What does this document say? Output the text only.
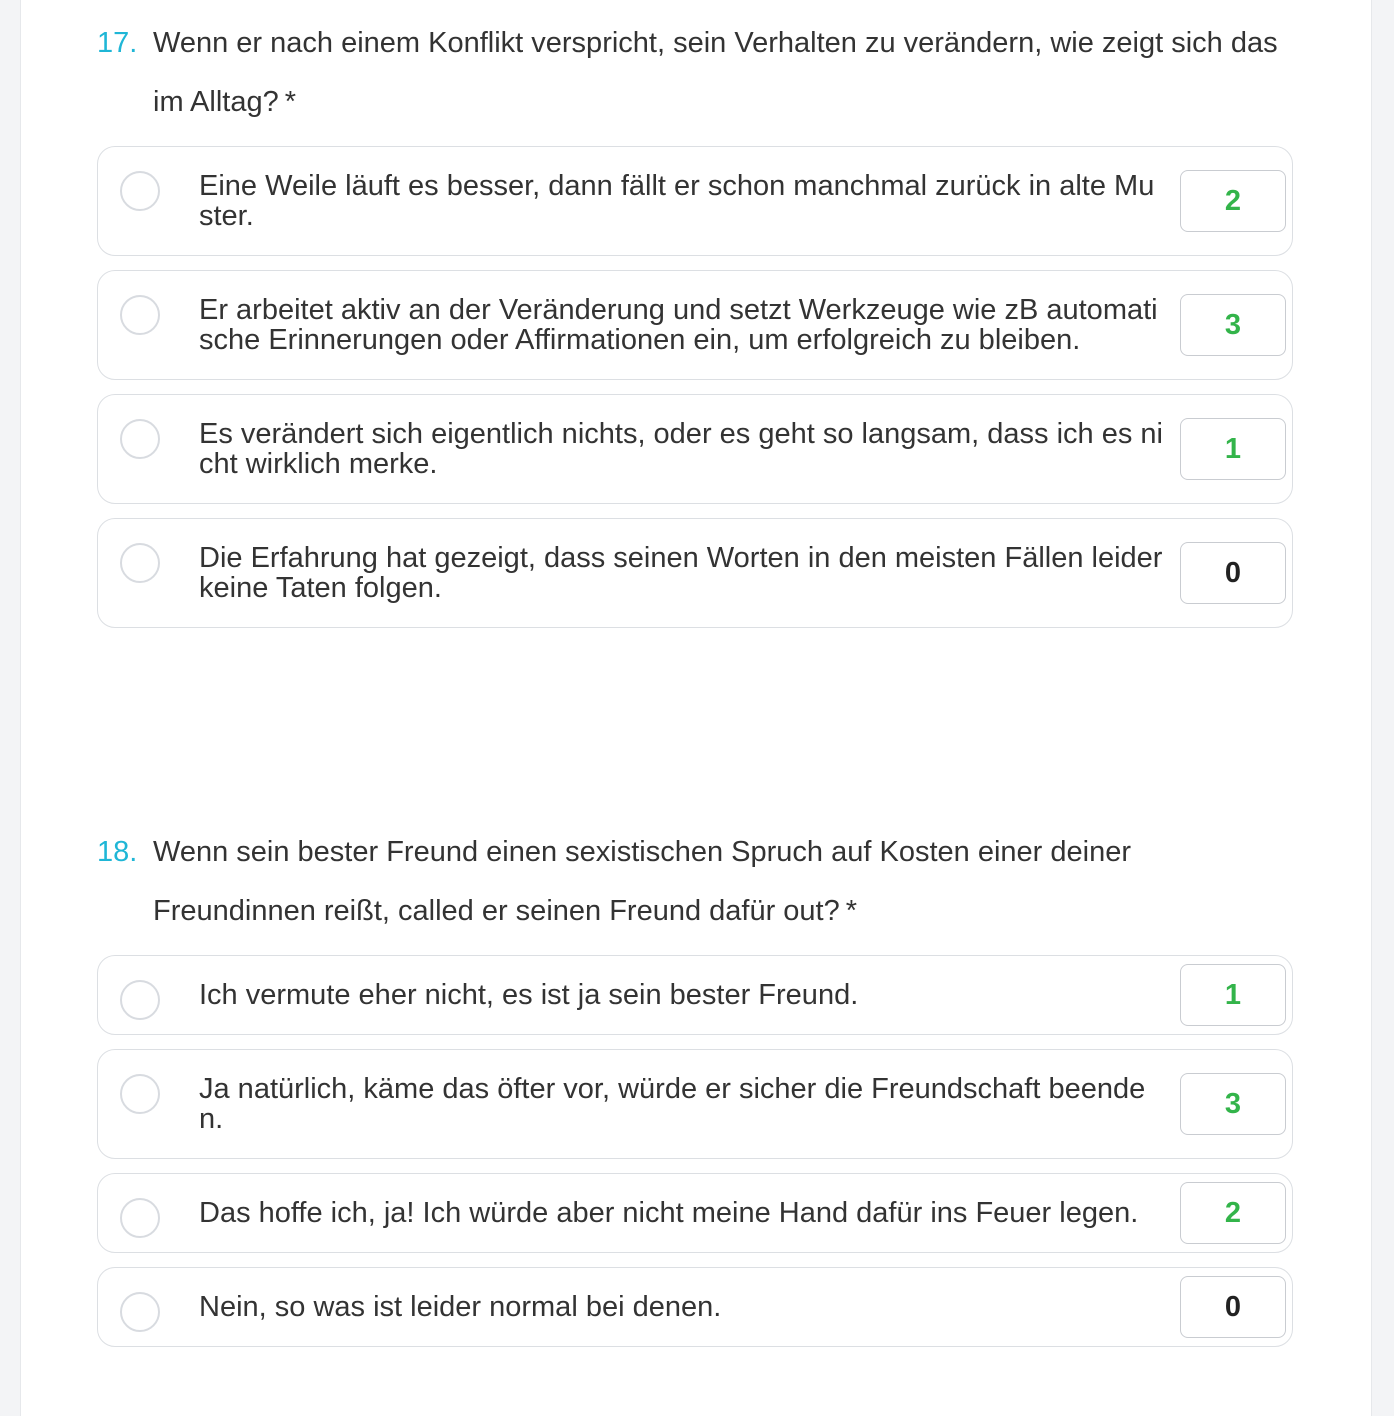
17. Wenn er nach einem Konflikt verspricht, sein Verhalten zu verändern, wie zeigt sich das im Alltag? *
Eine Weile läuft es besser, dann fällt er schon manchmal zurück in alte Muster.	2
Er arbeitet aktiv an der Veränderung und setzt Werkzeuge wie zB automatische Erinnerungen oder Affirmationen ein, um erfolgreich zu bleiben.	3
Es verändert sich eigentlich nichts, oder es geht so langsam, dass ich es nicht wirklich merke.	1
Die Erfahrung hat gezeigt, dass seinen Worten in den meisten Fällen leider keine Taten folgen.	0
18. Wenn sein bester Freund einen sexistischen Spruch auf Kosten einer deiner Freundinnen reißt, called er seinen Freund dafür out? *
Ich vermute eher nicht, es ist ja sein bester Freund.	1
Ja natürlich, käme das öfter vor, würde er sicher die Freundschaft beenden.	3
Das hoffe ich, ja! Ich würde aber nicht meine Hand dafür ins Feuer legen.	2
Nein, so was ist leider normal bei denen.	0
